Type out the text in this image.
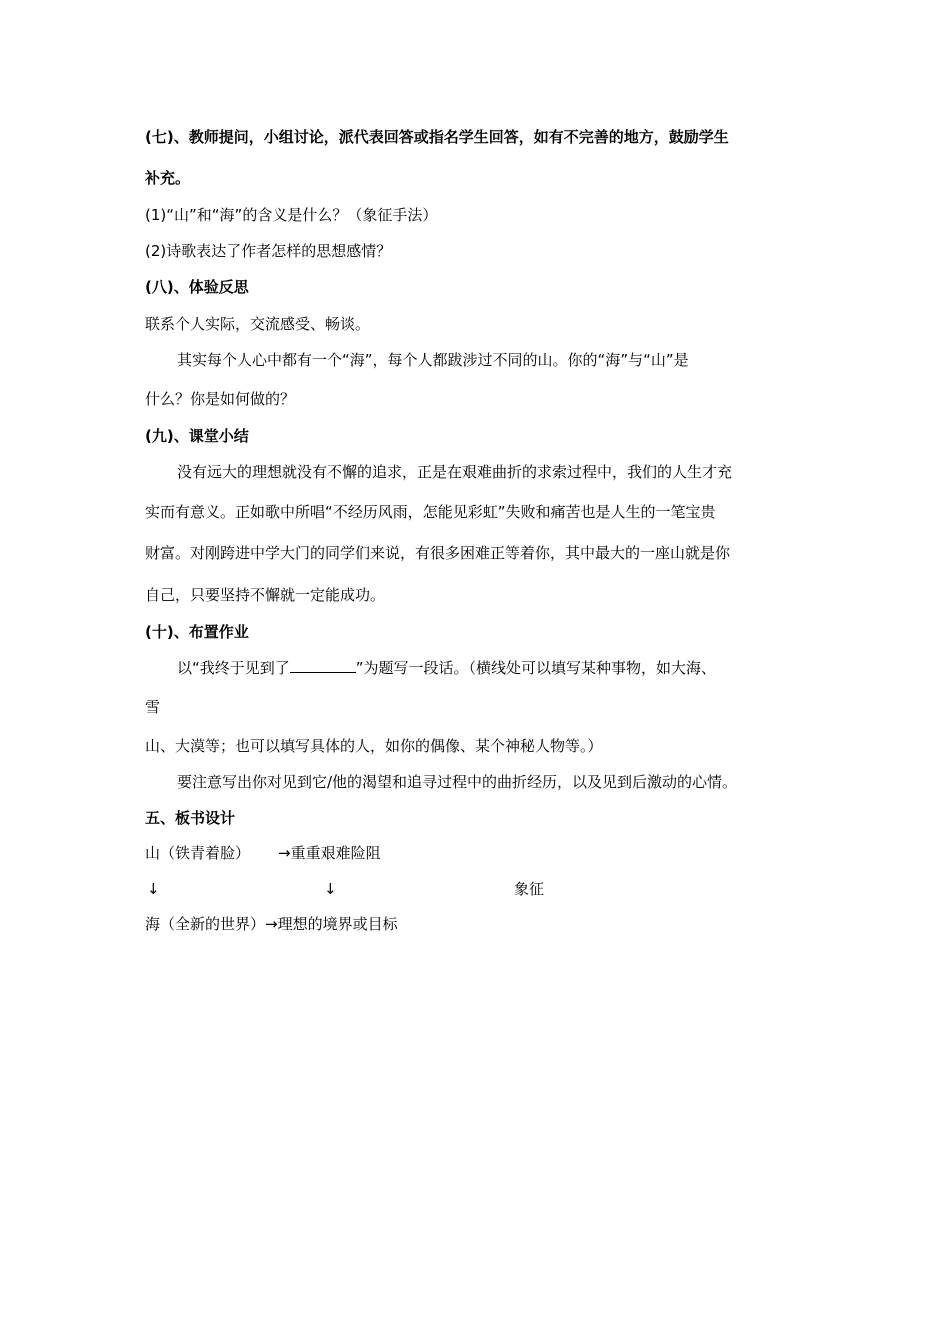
(七)、教师提问，小组讨论，派代表回答或指名学生回答，如有不完善的地方，鼓励学生
补充。
(1)“山”和“海”的含义是什么？（象征手法）
(2)诗歌表达了作者怎样的思想感情？
(八)、体验反思
联系个人实际，交流感受、畅谈。
其实每个人心中都有一个“海”，每个人都跋涉过不同的山。你的“海”与“山”是
什么？你是如何做的？
(九)、课堂小结
没有远大的理想就没有不懈的追求，正是在艰难曲折的求索过程中，我们的人生才充
实而有意义。正如歌中所唱“不经历风雨，怎能见彩虹”失败和痛苦也是人生的一笔宝贵
财富。对刚跨进中学大门的同学们来说，有很多困难正等着你，其中最大的一座山就是你
自己，只要坚持不懈就一定能成功。
(十)、布置作业
以“我终于见到了	”为题写一段话。（横线处可以填写某种事物，如大海、
雪
山、大漠等；也可以填写具体的人，如你的偶像、某个神秘人物等。）
要注意写出你对见到它/他的渴望和追寻过程中的曲折经历，以及见到后激动的心情。
五、板书设计
山（铁青着脸） →重重艰难险阻
↓	↓	象征
海（全新的世界）→理想的境界或目标
